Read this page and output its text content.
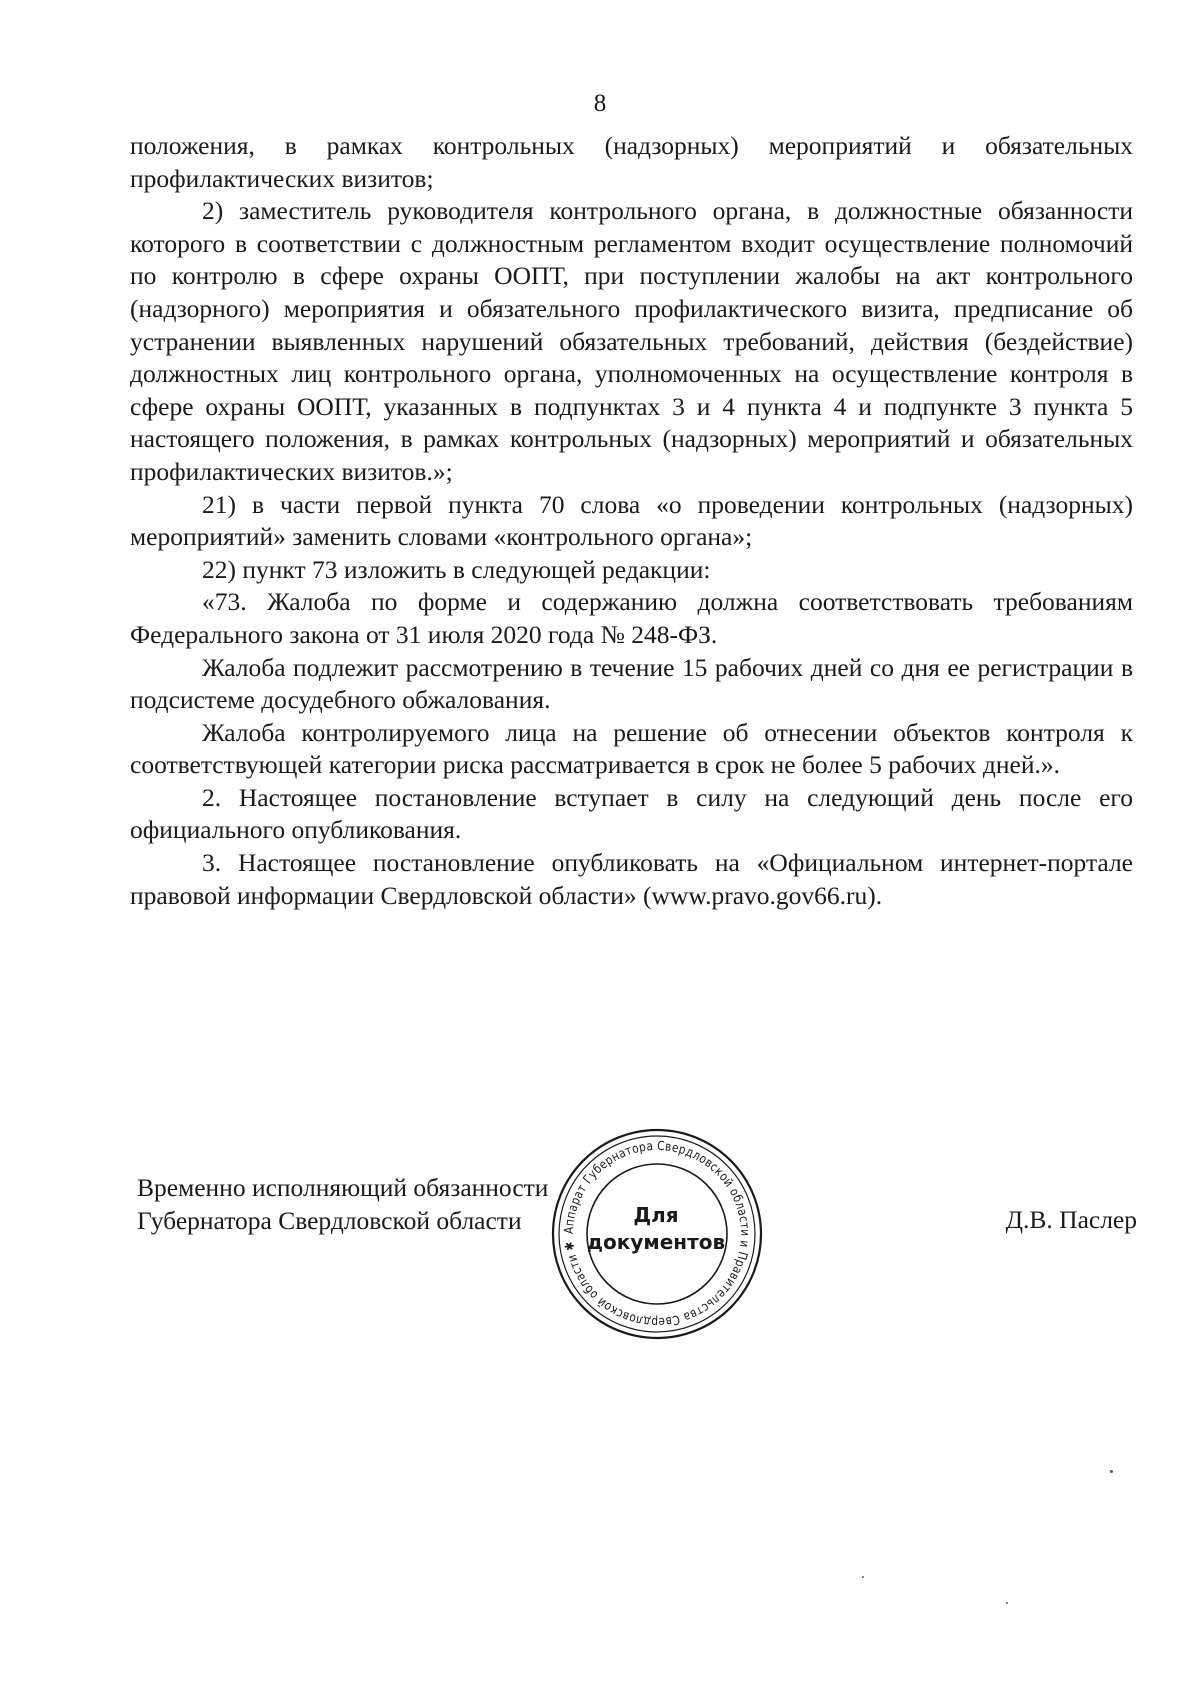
8

положения, в рамках контрольных (надзорных) мероприятий и обязательных профилактических визитов;

2) заместитель руководителя контрольного органа, в должностные обязанности которого в соответствии с должностным регламентом входит осуществление полномочий по контролю в сфере охраны ООПТ, при поступлении жалобы на акт контрольного (надзорного) мероприятия и обязательного профилактического визита, предписание об устранении выявленных нарушений обязательных требований, действия (бездействие) должностных лиц контрольного органа, уполномоченных на осуществление контроля в сфере охраны ООПТ, указанных в подпунктах 3 и 4 пункта 4 и подпункте 3 пункта 5 настоящего положения, в рамках контрольных (надзорных) мероприятий и обязательных профилактических визитов.»;

21) в части первой пункта 70 слова «о проведении контрольных (надзорных) мероприятий» заменить словами «контрольного органа»;

22) пункт 73 изложить в следующей редакции:

«73. Жалоба по форме и содержанию должна соответствовать требованиям Федерального закона от 31 июля 2020 года № 248-ФЗ.

Жалоба подлежит рассмотрению в течение 15 рабочих дней со дня ее регистрации в подсистеме досудебного обжалования.

Жалоба контролируемого лица на решение об отнесении объектов контроля к соответствующей категории риска рассматривается в срок не более 5 рабочих дней.».

2. Настоящее постановление вступает в силу на следующий день после его официального опубликования.

3. Настоящее постановление опубликовать на «Официальном интернет-портале правовой информации Свердловской области» (www.pravo.gov66.ru).

Временно исполняющий обязанности
Губернатора Свердловской области	Д.В. Паслер
Аппарат Губернатора Свердловской области и Правительства Свердловской области ✱
Для
документов
